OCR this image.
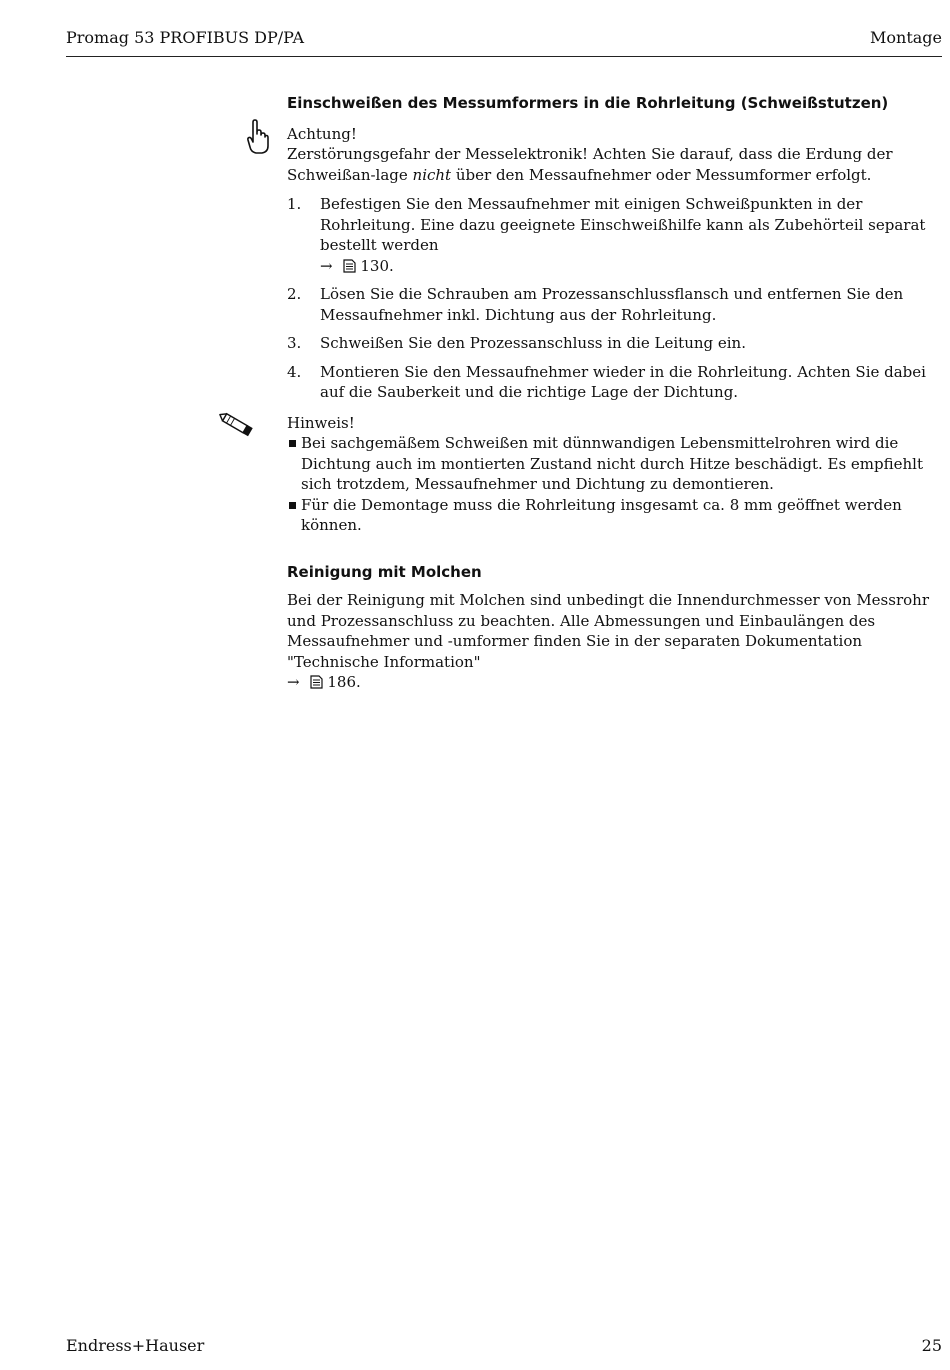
Promag 53 PROFIBUS DP/PA	Montage
Einschweißen des Messumformers in die Rohrleitung (Schweißstutzen)

Achtung!

Zerstörungsgefahr der Messelektronik! Achten Sie darauf, dass die Erdung der Schweißan-lage nicht über den Messaufnehmer oder Messumformer erfolgt.

1. Befestigen Sie den Messaufnehmer mit einigen Schweißpunkten in der Rohrleitung. Eine dazu geeignete Einschweißhilfe kann als Zubehörteil separat bestellt werden
→ 130.
2. Lösen Sie die Schrauben am Prozessanschlussflansch und entfernen Sie den Messaufnehmer inkl. Dichtung aus der Rohrleitung.
3. Schweißen Sie den Prozessanschluss in die Leitung ein.
4. Montieren Sie den Messaufnehmer wieder in die Rohrleitung. Achten Sie dabei auf die Sauberkeit und die richtige Lage der Dichtung.

Hinweis!

Bei sachgemäßem Schweißen mit dünnwandigen Lebensmittelrohren wird die Dichtung auch im montierten Zustand nicht durch Hitze beschädigt. Es empfiehlt sich trotzdem, Messaufnehmer und Dichtung zu demontieren.
Für die Demontage muss die Rohrleitung insgesamt ca. 8 mm geöffnet werden können.
Reinigung mit Molchen

Bei der Reinigung mit Molchen sind unbedingt die Innendurchmesser von Messrohr und Prozessanschluss zu beachten. Alle Abmessungen und Einbaulängen des Messaufnehmer und -umformer finden Sie in der separaten Dokumentation "Technische Information"
→ 186.

Endress+Hauser	25
